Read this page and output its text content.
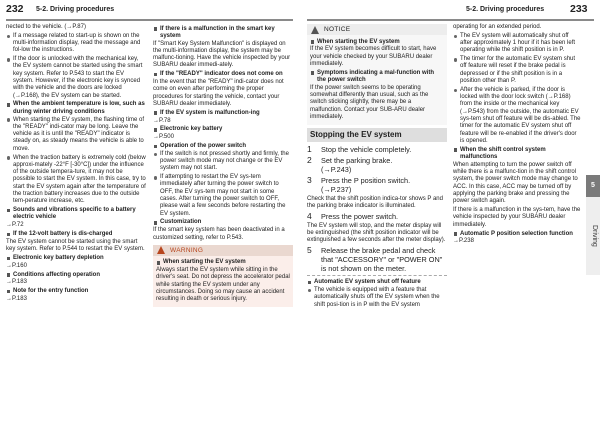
232 5-2. Driving procedures	5-2. Driving procedures 233
nected to the vehicle. (→P.87)
If a message related to start-up is shown on the multi-information display, read the message and fol-low the instructions.
If the door is unlocked with the mechanical key, the EV system cannot be started using the smart key system. Refer to P.543 to start the EV system. However, if the electronic key is synced with the vehicle and the doors are locked (→P.168), the EV system can be started.
When the ambient temperature is low, such as during winter driving conditions
When starting the EV system, the flashing time of the "READY" indi-cator may be long. Leave the vehicle as it is until the "READY" indicator is steady on, as steady means the vehicle is able to move.
When the traction battery is extremely cold (below approxi-mately -22°F [-30°C]) under the influence of the outside tempera-ture, it may not be possible to start the EV system. In this case, try to start the EV system again after the temperature of the traction battery increases due to the outside tem-perature increase, etc.
Sounds and vibrations specific to a battery electric vehicle
→P.72
If the 12-volt battery is dis-charged
The EV system cannot be started using the smart key system. Refer to P.544 to restart the EV system.
Electronic key battery depletion
→P.160
Conditions affecting operation
→P.183
Note for the entry function
→P.183
If there is a malfunction in the smart key system
If "Smart Key System Malfunction" is displayed on the multi-information display, the system may be malfunc-tioning. Have the vehicle inspected by your SUBARU dealer immedi-ately.
If the "READY" indicator does not come on
In the event that the "READY" indi-cator does not come on even after performing the proper procedures for starting the vehicle, contact your SUBARU dealer immediately.
If the EV system is malfunction-ing
→P.78
Electronic key battery
→P.500
Operation of the power switch
If the switch is not pressed shortly and firmly, the power switch mode may not change or the EV system may not start.
If attempting to restart the EV sys-tem immediately after turning the power switch to OFF, the EV sys-tem may not start in some cases. After turning the power switch to OFF, please wait a few seconds before restarting the EV system.
Customization
If the smart key system has been deactivated in a customized setting, refer to P.543.
WARNING
When starting the EV system
Always start the EV system while sitting in the driver's seat. Do not depress the accelerator pedal while starting the EV system under any circumstances. Doing so may cause an accident resulting in death or serious injury.
NOTICE
When starting the EV system
If the EV system becomes difficult to start, have your vehicle checked by your SUBARU dealer immediately.
Symptoms indicating a mal-function with the power switch
If the power switch seems to be operating somewhat differently than usual, such as the switch sticking slightly, there may be a malfunction. Contact your SUB-ARU dealer immediately.
Stopping the EV system
1 Stop the vehicle completely.
2 Set the parking brake.
(→P.243)
3 Press the P position switch.
(→P.237)
Check that the shift position indica-tor shows P and the parking brake indicator is illuminated.
4 Press the power switch.
The EV system will stop, and the meter display will be extinguished (the shift position indicator will be extinguished a few seconds after the meter display).
5 Release the brake pedal and check that "ACCESSORY" or "POWER ON" is not shown on the meter.
Automatic EV system shut off feature
The vehicle is equipped with a feature that automatically shuts off the EV system when the shift posi-tion is in P with the EV system
operating for an extended period.
The EV system will automatically shut off after approximately 1 hour if it has been left operating while the shift position is in P.
The timer for the automatic EV system shut off feature will reset if the brake pedal is depressed or if the shift position is in a position other than P.
After the vehicle is parked, if the door is locked with the door lock switch (→P.168) from the inside or the mechanical key (→P.543) from the outside, the automatic EV sys-tem shut off feature will be dis-abled. The timer for the automatic EV system shut off feature will be re-enabled if the driver's door is opened.
When the shift control system malfunctions
When attempting to turn the power switch off while there is a malfunc-tion in the shift control system, the power switch mode may change to ACC. In this case, ACC may be turned off by applying the parking brake and pressing the power switch again.
If there is a malfunction in the sys-tem, have the vehicle inspected by your SUBARU dealer immediately.
Automatic P position selection function
→P.238
5
Driving
